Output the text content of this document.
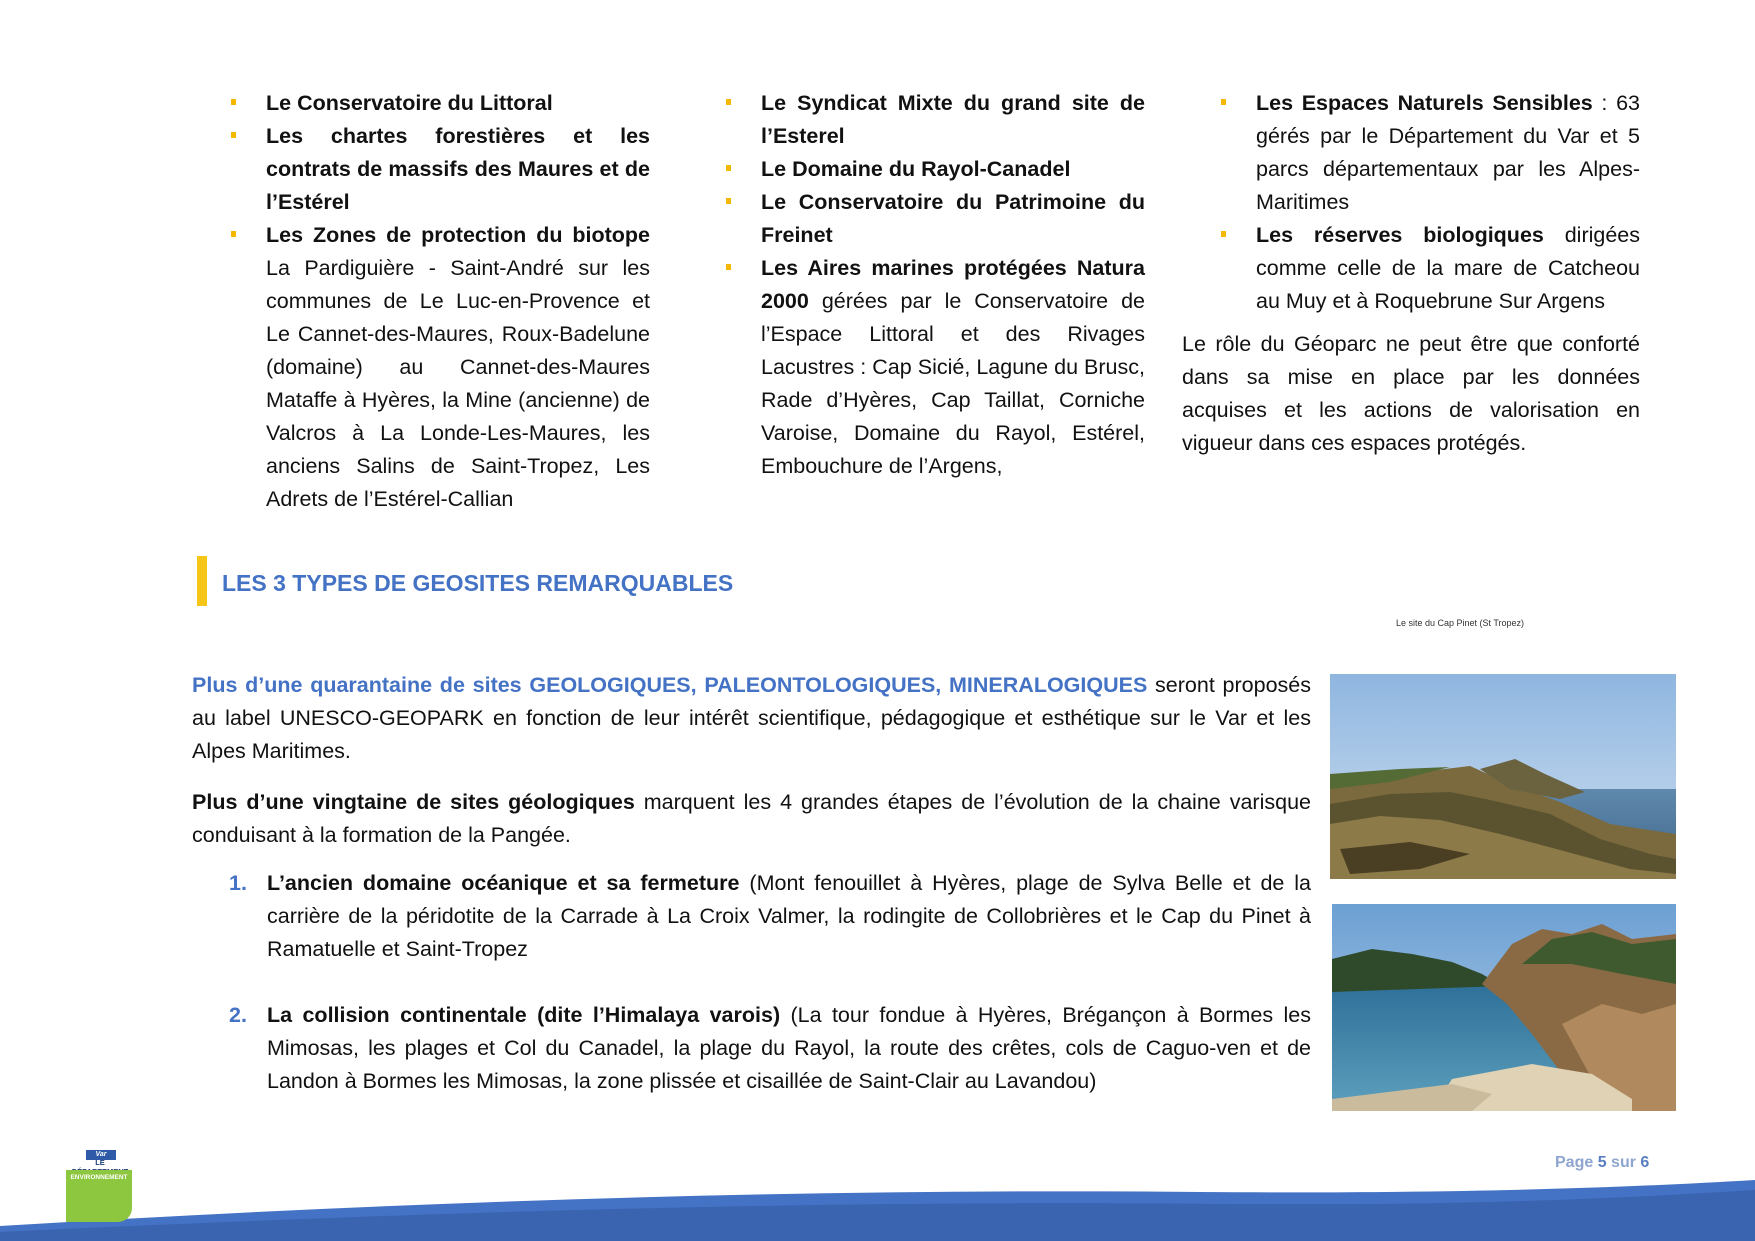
Le Conservatoire du Littoral
Les chartes forestières et les contrats de massifs des Maures et de l’Estérel
Les Zones de protection du biotope La Pardiguière - Saint-André sur les communes de Le Luc-en-Provence et Le Cannet-des-Maures, Roux-Badelune (domaine) au Cannet-des-Maures Mataffe à Hyères, la Mine (ancienne) de Valcros à La Londe-Les-Maures, les anciens Salins de Saint-Tropez, Les Adrets de l’Estérel-Callian
Le Syndicat Mixte du grand site de l’Esterel
Le Domaine du Rayol-Canadel
Le Conservatoire du Patrimoine du Freinet
Les Aires marines protégées Natura 2000 gérées par le Conservatoire de l’Espace Littoral et des Rivages Lacustres : Cap Sicié, Lagune du Brusc, Rade d’Hyères, Cap Taillat, Corniche Varoise, Domaine du Rayol, Estérel, Embouchure de l’Argens,
Les Espaces Naturels Sensibles : 63 gérés par le Département du Var et 5 parcs départementaux par les Alpes-Maritimes
Les réserves biologiques dirigées comme celle de la mare de Catcheou au Muy et à Roquebrune Sur Argens

Le rôle du Géoparc ne peut être que conforté dans sa mise en place par les données acquises et les actions de valorisation en vigueur dans ces espaces protégés.

LES 3 TYPES DE GEOSITES REMARQUABLES
Le site du Cap Pinet (St Tropez)

Plus d’une quarantaine de sites GEOLOGIQUES, PALEONTOLOGIQUES, MINERALOGIQUES seront proposés au label UNESCO-GEOPARK en fonction de leur intérêt scientifique, pédagogique et esthétique sur le Var et les Alpes Maritimes.

Plus d’une vingtaine de sites géologiques marquent les 4 grandes étapes de l’évolution de la chaine varisque conduisant à la formation de la Pangée.

1. L’ancien domaine océanique et sa fermeture (Mont fenouillet à Hyères, plage de Sylva Belle et de la carrière de la péridotite de la Carrade à La Croix Valmer, la rodingite de Collobrières et le Cap du Pinet à Ramatuelle et Saint-Tropez
2. La collision continentale (dite l’Himalaya varois) (La tour fondue à Hyères, Brégançon à Bormes les Mimosas, les plages et Col du Canadel, la plage du Rayol, la route des crêtes, cols de Caguo-ven et de Landon à Bormes les Mimosas, la zone plissée et cisaillée de Saint-Clair au Lavandou)
Page 5 sur 6
Var
LE
ENVIRONNEMENT
